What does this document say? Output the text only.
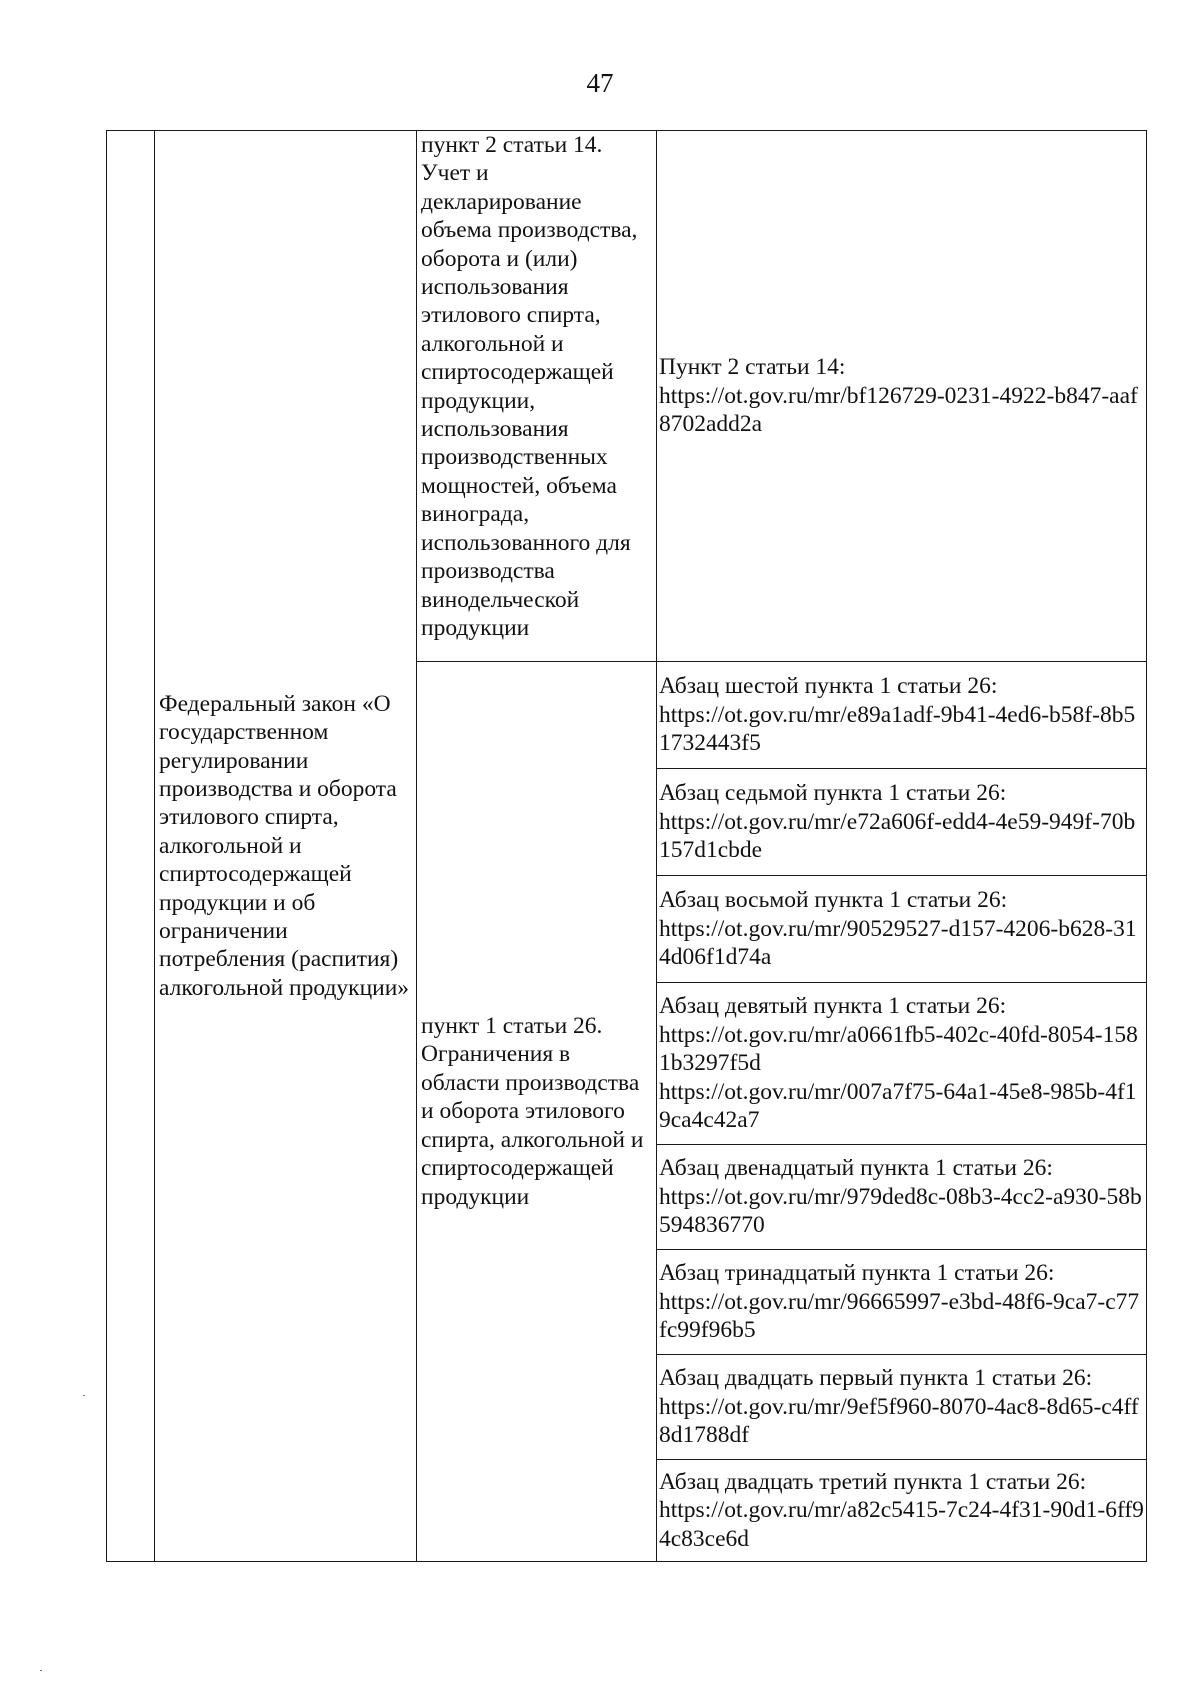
47

	Федеральный закон «О государственном регулировании производства и оборота этилового спирта, алкогольной и спиртосодержащей продукции и об ограничении потребления (распития) алкогольной продукции»	пункт 2 статьи 14. Учет и декларирование объема производства, оборота и (или) использования этилового спирта, алкогольной и спиртосодержащей продукции, использования производственных мощностей, объема винограда, использованного для производства винодельческой продукции	Пункт 2 статьи 14:
https://ot.gov.ru/mr/bf126729-0231-4922-b847-aaf8702add2a

		пункт 1 статьи 26. Ограничения в области производства и оборота этилового спирта, алкогольной и спиртосодержащей продукции	Абзац шестой пункта 1 статьи 26:
https://ot.gov.ru/mr/e89a1adf-9b41-4ed6-b58f-8b51732443f5

			Абзац седьмой пункта 1 статьи 26:
https://ot.gov.ru/mr/e72a606f-edd4-4e59-949f-70b157d1cbde

			Абзац восьмой пункта 1 статьи 26:
https://ot.gov.ru/mr/90529527-d157-4206-b628-314d06f1d74a

			Абзац девятый пункта 1 статьи 26:
https://ot.gov.ru/mr/a0661fb5-402c-40fd-8054-1581b3297f5d
https://ot.gov.ru/mr/007a7f75-64a1-45e8-985b-4f19ca4c42a7

			Абзац двенадцатый пункта 1 статьи 26:
https://ot.gov.ru/mr/979ded8c-08b3-4cc2-a930-58b594836770

			Абзац тринадцатый пункта 1 статьи 26:
https://ot.gov.ru/mr/96665997-e3bd-48f6-9ca7-c77fc99f96b5

			Абзац двадцать первый пункта 1 статьи 26:
https://ot.gov.ru/mr/9ef5f960-8070-4ac8-8d65-c4ff8d1788df

			Абзац двадцать третий пункта 1 статьи 26:
https://ot.gov.ru/mr/a82c5415-7c24-4f31-90d1-6ff94c83ce6d
